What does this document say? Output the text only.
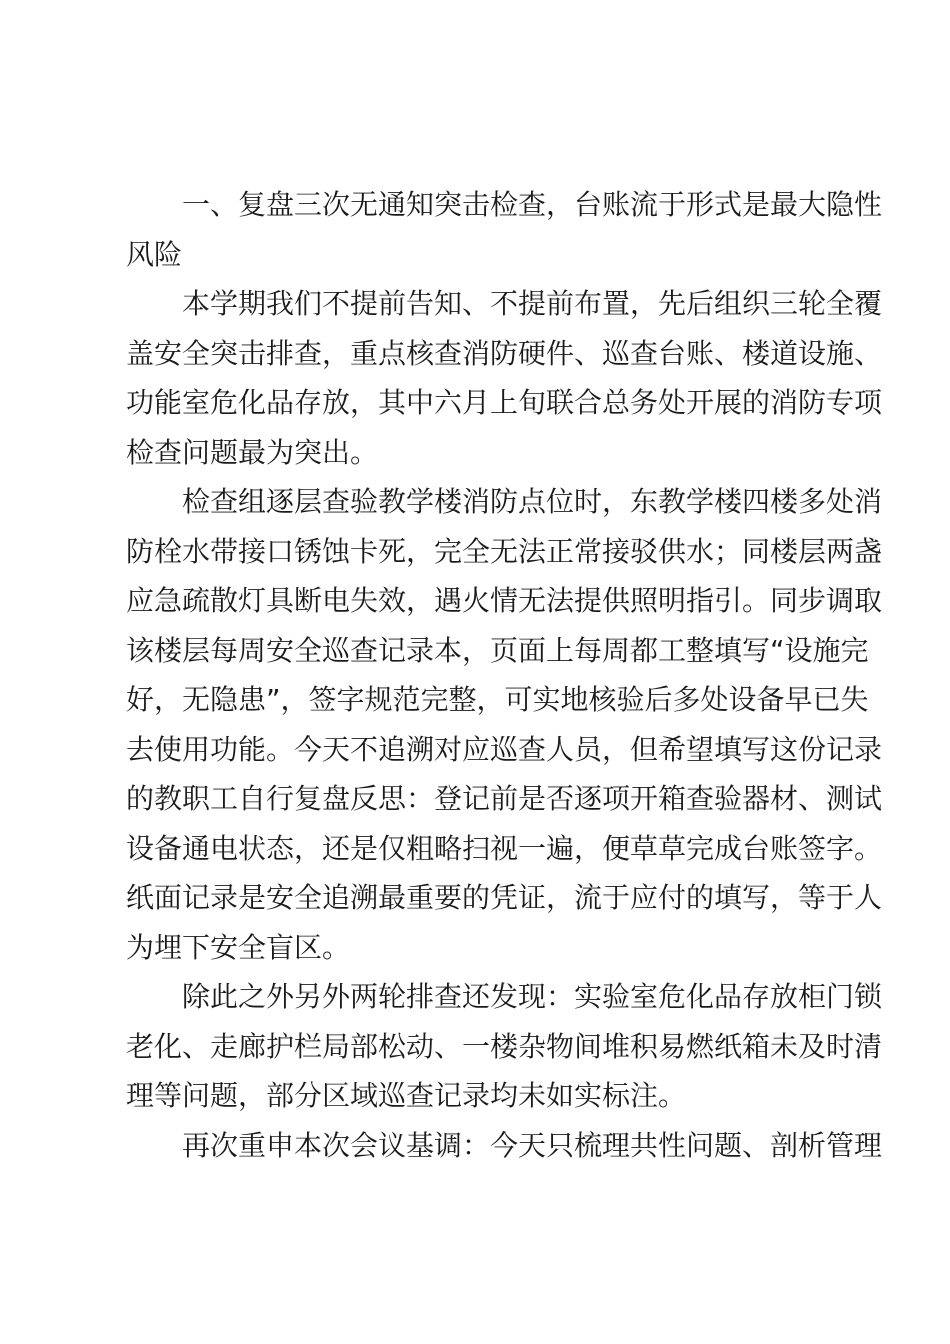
一、复盘三次无通知突击检查，台账流于形式是最大隐性
风险
本学期我们不提前告知、不提前布置，先后组织三轮全覆
盖安全突击排查，重点核查消防硬件、巡查台账、楼道设施、
功能室危化品存放，其中六月上旬联合总务处开展的消防专项
检查问题最为突出。
检查组逐层查验教学楼消防点位时，东教学楼四楼多处消
防栓水带接口锈蚀卡死，完全无法正常接驳供水；同楼层两盏
应急疏散灯具断电失效，遇火情无法提供照明指引。同步调取
该楼层每周安全巡查记录本，页面上每周都工整填写“设施完
好，无隐患”，签字规范完整，可实地核验后多处设备早已失
去使用功能。今天不追溯对应巡查人员，但希望填写这份记录
的教职工自行复盘反思：登记前是否逐项开箱查验器材、测试
设备通电状态，还是仅粗略扫视一遍，便草草完成台账签字。
纸面记录是安全追溯最重要的凭证，流于应付的填写，等于人
为埋下安全盲区。
除此之外另外两轮排查还发现：实验室危化品存放柜门锁
老化、走廊护栏局部松动、一楼杂物间堆积易燃纸箱未及时清
理等问题，部分区域巡查记录均未如实标注。
再次重申本次会议基调：今天只梳理共性问题、剖析管理
